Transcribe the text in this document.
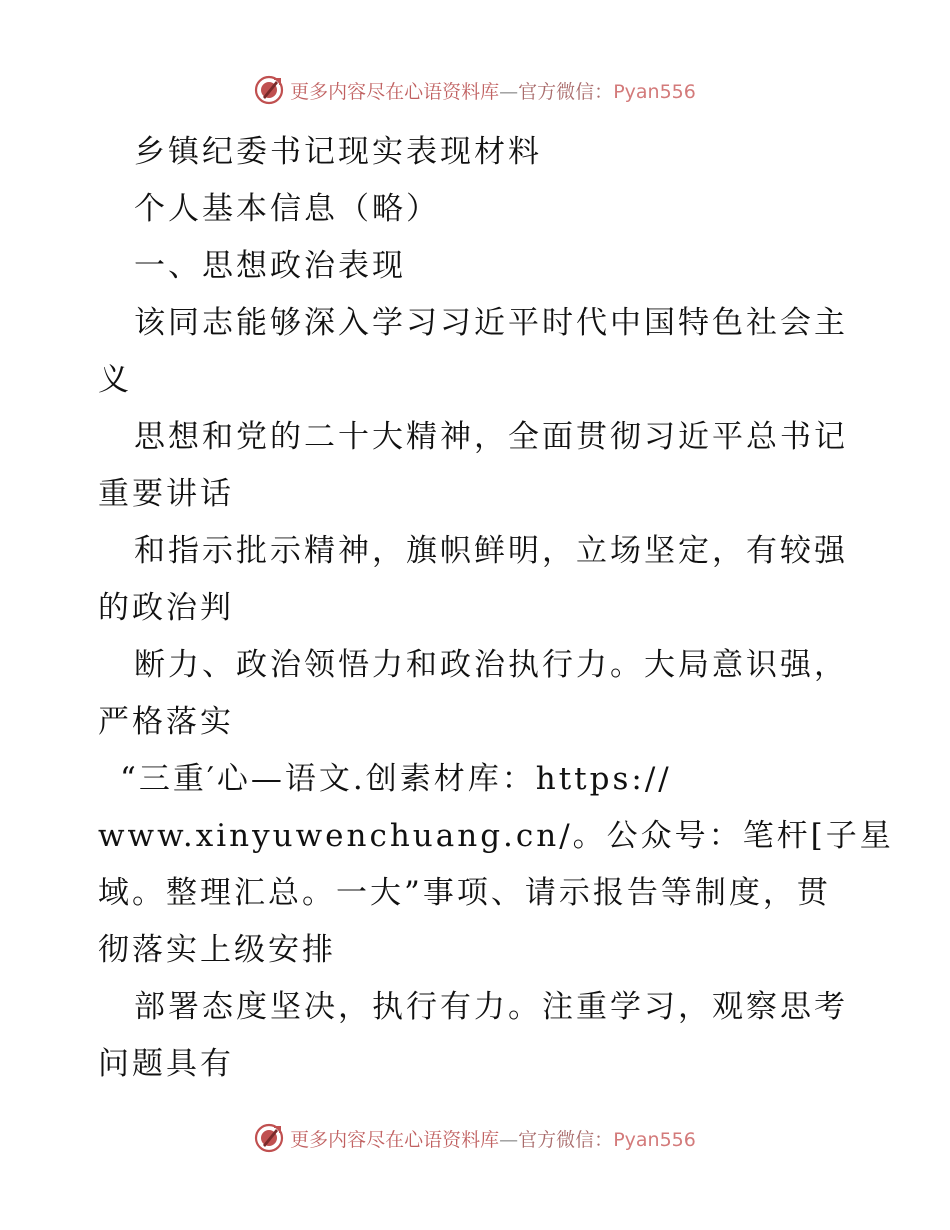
更多内容尽在心语资料库—官方微信：Pyan556
乡镇纪委书记现实表现材料
个人基本信息（略）
一、思想政治表现
该同志能够深入学习习近平时代中国特色社会主
义
思想和党的二十大精神，全面贯彻习近平总书记
重要讲话
和指示批示精神，旗帜鲜明，立场坚定，有较强
的政治判
断力、政治领悟力和政治执行力。大局意识强，
严格落实
“三重′心—语文.创素材库：https://
www.xinyuwenchuang.cn/。公众号：笔杆[子星
域。整理汇总。一大”事项、请示报告等制度，贯
彻落实上级安排
部署态度坚决，执行有力。注重学习，观察思考
问题具有
更多内容尽在心语资料库—官方微信：Pyan556
